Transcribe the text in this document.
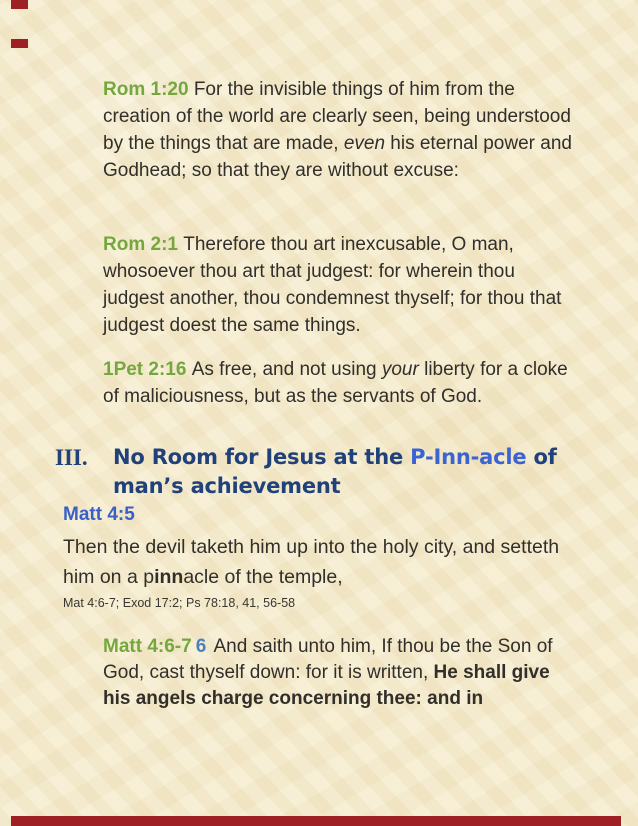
Rom 1:20 For the invisible things of him from the creation of the world are clearly seen, being understood by the things that are made, even his eternal power and Godhead; so that they are without excuse:

Rom 2:1 Therefore thou art inexcusable, O man, whosoever thou art that judgest: for wherein thou judgest another, thou condemnest thyself; for thou that judgest doest the same things.

1Pet 2:16 As free, and not using your liberty for a cloke of maliciousness, but as the servants of God.

III.	No Room for Jesus at the P-Inn-acle of man’s achievement

Matt 4:5

Then the devil taketh him up into the holy city, and setteth him on a pinnacle of the temple,

Mat 4:6-7; Exod 17:2; Ps 78:18, 41, 56-58

Matt 4:6-7 6 And saith unto him, If thou be the Son of God, cast thyself down: for it is written, He shall give his angels charge concerning thee: and in
